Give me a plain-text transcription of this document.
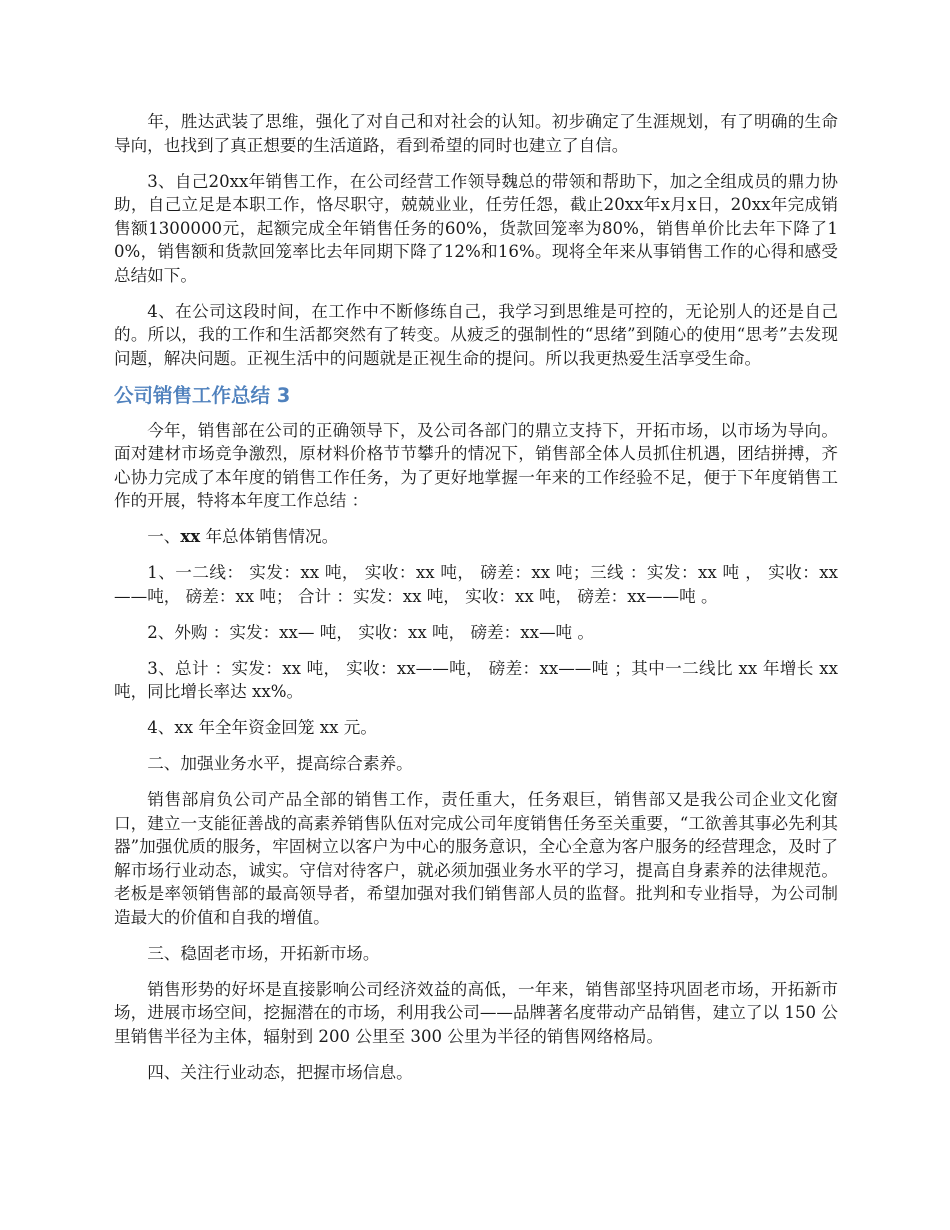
年，胜达武装了思维，强化了对自己和对社会的认知。初步确定了生涯规划，有了明确的生命导向，也找到了真正想要的生活道路，看到希望的同时也建立了自信。

3、自己20xx年销售工作，在公司经营工作领导魏总的带领和帮助下，加之全组成员的鼎力协助，自己立足是本职工作，恪尽职守，兢兢业业，任劳任怨，截止20xx年x月x日，20xx年完成销售额1300000元，起额完成全年销售任务的60%，货款回笼率为80%，销售单价比去年下降了10%，销售额和货款回笼率比去年同期下降了12%和16%。现将全年来从事销售工作的心得和感受总结如下。

4、在公司这段时间，在工作中不断修练自己，我学习到思维是可控的，无论别人的还是自己的。所以，我的工作和生活都突然有了转变。从疲乏的强制性的“思绪”到随心的使用“思考”去发现问题，解决问题。正视生活中的问题就是正视生命的提问。所以我更热爱生活享受生命。

公司销售工作总结 3

今年，销售部在公司的正确领导下，及公司各部门的鼎立支持下，开拓市场，以市场为导向。面对建材市场竞争激烈，原材料价格节节攀升的情况下，销售部全体人员抓住机遇，团结拼搏，齐心协力完成了本年度的销售工作任务，为了更好地掌握一年来的工作经验不足，便于下年度销售工作的开展，特将本年度工作总结 ：

一、xx 年总体销售情况。

1、一二线： 实发：xx 吨， 实收：xx 吨， 磅差：xx 吨；三线 ：实发：xx 吨 ， 实收：xx——吨， 磅差：xx 吨； 合计 ：实发：xx 吨， 实收：xx 吨， 磅差：xx——吨 。

2、外购 ：实发：xx— 吨， 实收：xx 吨， 磅差：xx—吨 。

3、总计 ：实发：xx 吨， 实收：xx——吨， 磅差：xx——吨 ；其中一二线比 xx 年增长 xx 吨，同比增长率达 xx%。

4、xx 年全年资金回笼 xx 元。

二、加强业务水平，提高综合素养。

销售部肩负公司产品全部的销售工作，责任重大，任务艰巨，销售部又是我公司企业文化窗口，建立一支能征善战的高素养销售队伍对完成公司年度销售任务至关重要，“工欲善其事必先利其器”加强优质的服务，牢固树立以客户为中心的服务意识，全心全意为客户服务的经营理念，及时了解市场行业动态，诚实。守信对待客户，就必须加强业务水平的学习，提高自身素养的法律规范。老板是率领销售部的最高领导者，希望加强对我们销售部人员的监督。批判和专业指导，为公司制造最大的价值和自我的增值。

三、稳固老市场，开拓新市场。

销售形势的好坏是直接影响公司经济效益的高低，一年来，销售部坚持巩固老市场，开拓新市场，进展市场空间，挖掘潜在的市场，利用我公司——品牌著名度带动产品销售，建立了以 150 公里销售半径为主体，辐射到 200 公里至 300 公里为半径的销售网络格局。

四、关注行业动态，把握市场信息。
